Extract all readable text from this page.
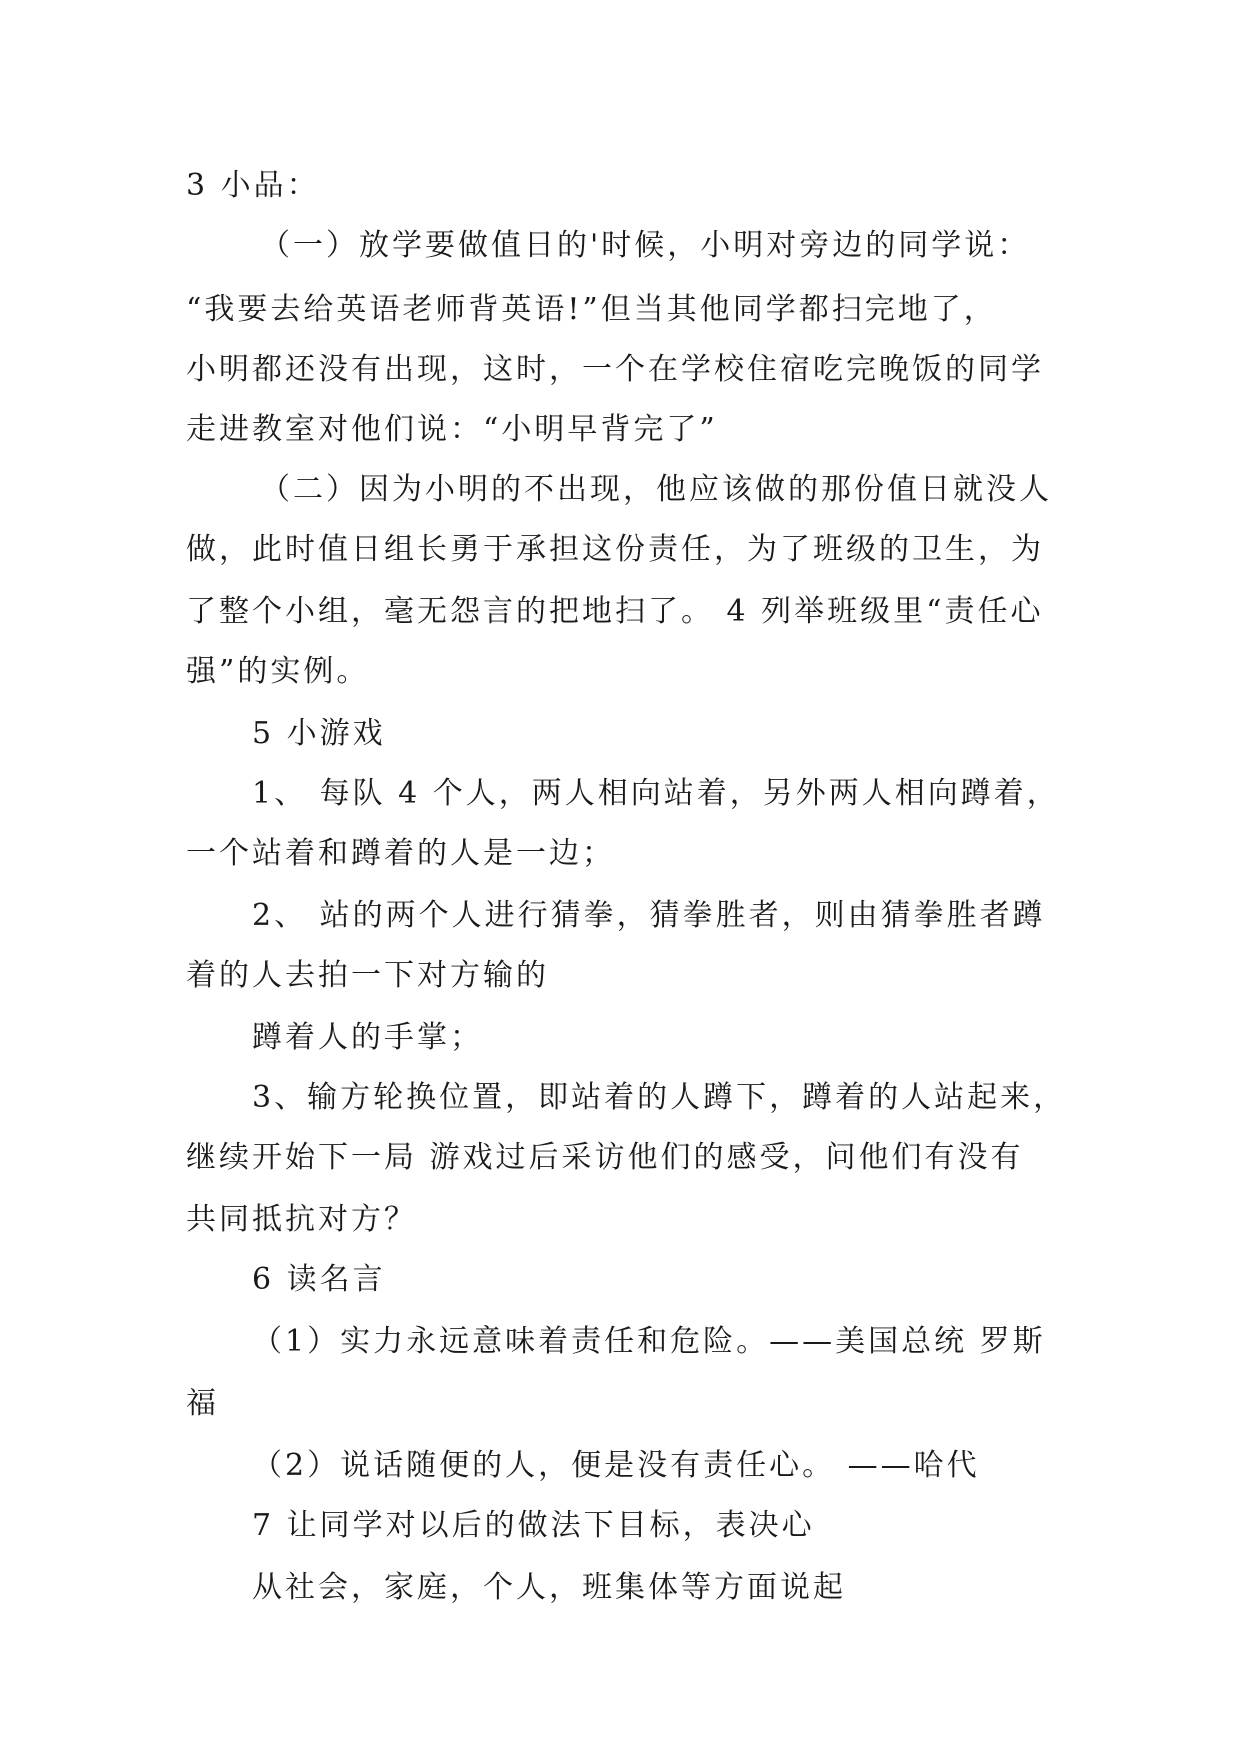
3 小品：
（一）放学要做值日的'时候，小明对旁边的同学说：
“我要去给英语老师背英语!”但当其他同学都扫完地了，
小明都还没有出现，这时，一个在学校住宿吃完晚饭的同学
走进教室对他们说：“小明早背完了”
（二）因为小明的不出现，他应该做的那份值日就没人
做，此时值日组长勇于承担这份责任，为了班级的卫生，为
了整个小组，毫无怨言的把地扫了。 4 列举班级里“责任心
强”的实例。
5 小游戏
1、 每队 4 个人，两人相向站着，另外两人相向蹲着，
一个站着和蹲着的人是一边；
2、 站的两个人进行猜拳，猜拳胜者，则由猜拳胜者蹲
着的人去拍一下对方输的
蹲着人的手掌；
3、输方轮换位置，即站着的人蹲下，蹲着的人站起来，
继续开始下一局 游戏过后采访他们的感受，问他们有没有
共同抵抗对方？
6 读名言
（1）实力永远意味着责任和危险。——美国总统 罗斯
福
（2）说话随便的人，便是没有责任心。 ——哈代
7 让同学对以后的做法下目标，表决心
从社会，家庭，个人，班集体等方面说起
